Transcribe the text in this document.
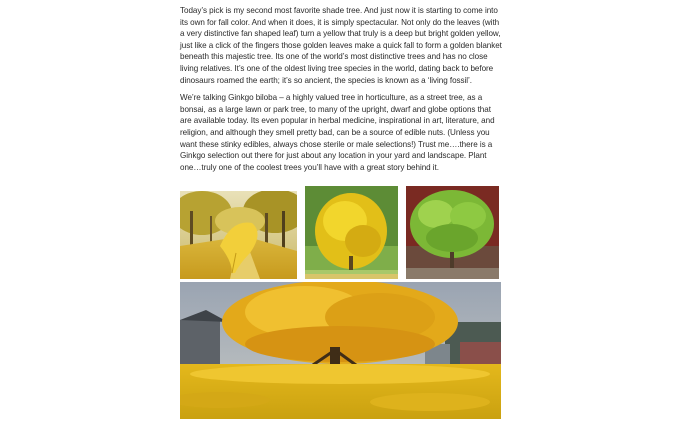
Today’s pick is my second most favorite shade tree. And just now it is starting to come into its own for fall color. And when it does, it is simply spectacular. Not only do the leaves (with a very distinctive fan shaped leaf) turn a yellow that truly is a deep but bright golden yellow, just like a click of the fingers those golden leaves make a quick fall to form a golden blanket beneath this majestic tree. Its one of the world’s most distinctive trees and has no close living relatives. It’s one of the oldest living tree species in the world, dating back to before dinosaurs roamed the earth; it’s so ancient, the species is known as a ‘living fossil’.

We’re talking Ginkgo biloba – a highly valued tree in horticulture, as a street tree, as a bonsai, as a large lawn or park tree, to many of the upright, dwarf and globe options that are available today. Its even popular in herbal medicine, inspirational in art, literature, and religion, and although they smell pretty bad, can be a source of edible nuts. (Unless you want these stinky edibles, always chose sterile or male selections!) Trust me….there is a Ginkgo selection out there for just about any location in your yard and landscape. Plant one…truly one of the coolest trees you’ll have with a great story behind it.
